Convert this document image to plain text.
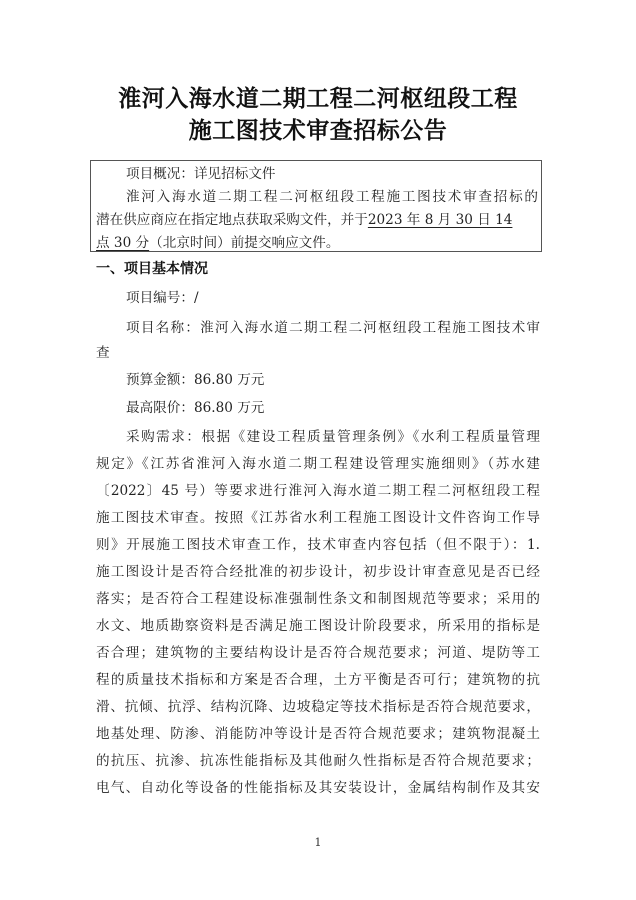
淮河入海水道二期工程二河枢纽段工程
施工图技术审查招标公告
项目概况：详见招标文件
淮河入海水道二期工程二河枢纽段工程施工图技术审查招标的
潜在供应商应在指定地点获取采购文件，并于2023 年 8 月 30 日 14
点 30 分（北京时间）前提交响应文件。
一、项目基本情况
项目编号：/
项目名称：淮河入海水道二期工程二河枢纽段工程施工图技术审
查
预算金额：86.80 万元
最高限价：86.80 万元
采购需求：根据《建设工程质量管理条例》《水利工程质量管理
规定》《江苏省淮河入海水道二期工程建设管理实施细则》（苏水建
〔2022〕45 号）等要求进行淮河入海水道二期工程二河枢纽段工程
施工图技术审查。按照《江苏省水利工程施工图设计文件咨询工作导
则》开展施工图技术审查工作，技术审查内容包括（但不限于）：1.
施工图设计是否符合经批准的初步设计，初步设计审查意见是否已经
落实；是否符合工程建设标准强制性条文和制图规范等要求；采用的
水文、地质勘察资料是否满足施工图设计阶段要求，所采用的指标是
否合理；建筑物的主要结构设计是否符合规范要求；河道、堤防等工
程的质量技术指标和方案是否合理，土方平衡是否可行；建筑物的抗
滑、抗倾、抗浮、结构沉降、边坡稳定等技术指标是否符合规范要求，
地基处理、防渗、消能防冲等设计是否符合规范要求；建筑物混凝土
的抗压、抗渗、抗冻性能指标及其他耐久性指标是否符合规范要求；
电气、自动化等设备的性能指标及其安装设计，金属结构制作及其安
1
